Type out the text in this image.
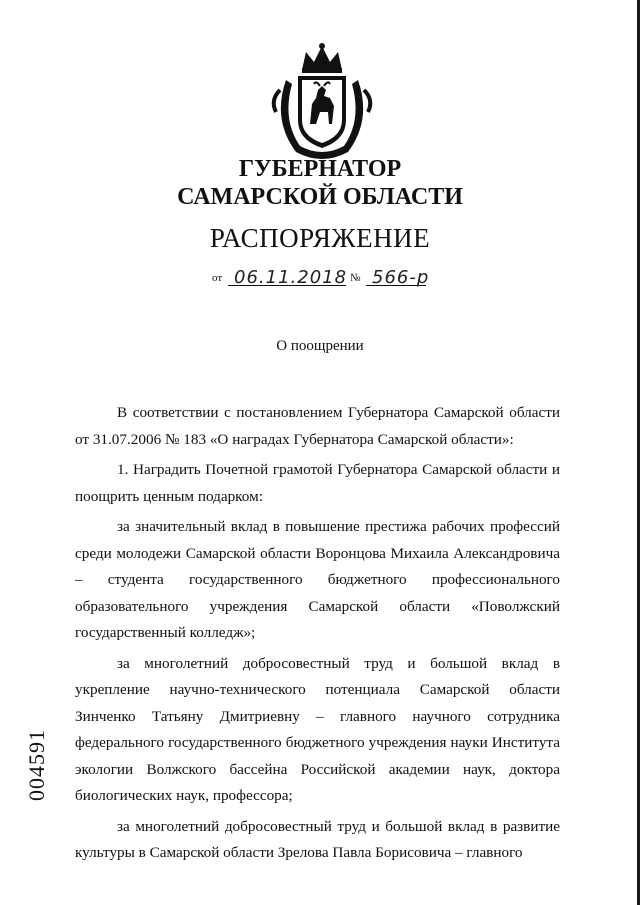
ГУБЕРНАТОР
САМАРСКОЙ ОБЛАСТИ
РАСПОРЯЖЕНИЕ
от 06.11.2018 № 566-р
О поощрении

В соответствии с постановлением Губернатора Самарской области от 31.07.2006 № 183 «О наградах Губернатора Самарской области»:

1. Наградить Почетной грамотой Губернатора Самарской области и поощрить ценным подарком:

за значительный вклад в повышение престижа рабочих профессий среди молодежи Самарской области Воронцова Михаила Александровича – студента государственного бюджетного профессионального образовательного учреждения Самарской области «Поволжский государственный колледж»;

за многолетний добросовестный труд и большой вклад в укрепление научно-технического потенциала Самарской области Зинченко Татьяну Дмитриевну – главного научного сотрудника федерального государственного бюджетного учреждения науки Института экологии Волжского бассейна Российской академии наук, доктора биологических наук, профессора;

за многолетний добросовестный труд и большой вклад в развитие культуры в Самарской области Зрелова Павла Борисовича – главного

004591
